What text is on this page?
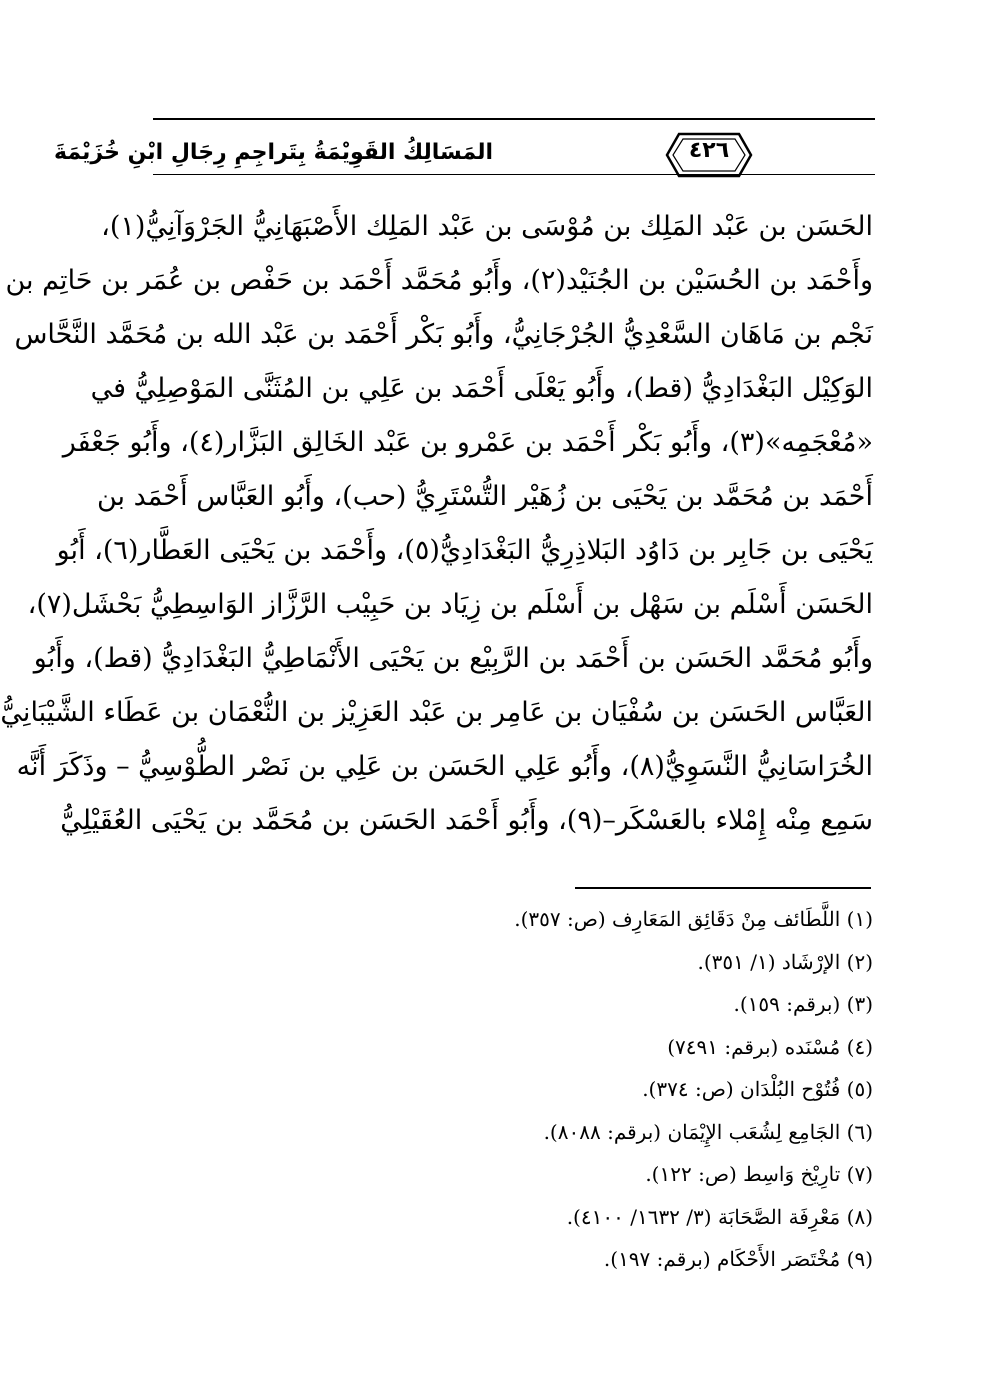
٤٢٦
المَسَالِكُ القَوِيْمَةُ بِتَراجِمِ رِجَالِ ابْنِ خُزَيْمَةَ
الحَسَن بن عَبْد المَلِك بن مُوْسَى بن عَبْد المَلِك الأَصْبَهَانِيُّ الجَرْوَآنِيُّ(١)،
وأَحْمَد بن الحُسَيْن بن الجُنَيْد(٢)، وأَبُو مُحَمَّد أَحْمَد بن حَفْص بن عُمَر بن حَاتِم بن
نَجْم بن مَاهَان السَّعْدِيُّ الجُرْجَانِيُّ، وأَبُو بَكْر أَحْمَد بن عَبْد الله بن مُحَمَّد النَّحَّاس
الوَكِيْل البَغْدَادِيُّ (قط)، وأَبُو يَعْلَى أَحْمَد بن عَلِي بن المُثَنَّى المَوْصِلِيُّ في
«مُعْجَمِه»(٣)، وأَبُو بَكْر أَحْمَد بن عَمْرو بن عَبْد الخَالِق البَزَّار(٤)، وأَبُو جَعْفَر
أَحْمَد بن مُحَمَّد بن يَحْيَى بن زُهَيْر التُّسْتَرِيُّ (حب)، وأَبُو العَبَّاس أَحْمَد بن
يَحْيَى بن جَابِر بن دَاوُد البَلاذِرِيُّ البَغْدَادِيُّ(٥)، وأَحْمَد بن يَحْيَى العَطَّار(٦)، أَبُو
الحَسَن أَسْلَم بن سَهْل بن أَسْلَم بن زِيَاد بن حَبِيْب الرَّزَّاز الوَاسِطِيُّ بَحْشَل(٧)،
وأَبُو مُحَمَّد الحَسَن بن أَحْمَد بن الرَّبِيْع بن يَحْيَى الأَنْمَاطِيُّ البَغْدَادِيُّ (قط)، وأَبُو
العَبَّاس الحَسَن بن سُفْيَان بن عَامِر بن عَبْد العَزِيْز بن النُّعْمَان بن عَطَاء الشَّيْبَانِيُّ
الخُرَاسَانِيُّ النَّسَوِيُّ(٨)، وأَبُو عَلِي الحَسَن بن عَلِي بن نَصْر الطُّوْسِيُّ – وذَكَرَ أَنَّه
سَمِع مِنْه إِمْلاء بالعَسْكَر–(٩)، وأَبُو أَحْمَد الحَسَن بن مُحَمَّد بن يَحْيَى العُقَيْلِيُّ
(١) اللَّطَائف مِنْ دَقَائِق المَعَارِف (ص: ٣٥٧).
(٢) الإرْشَاد (١/ ٣٥١).
(٣) (برقم: ١٥٩).
(٤) مُسْنَده (برقم: ٧٤٩١)
(٥) فُتُوْح البُلْدَان (ص: ٣٧٤).
(٦) الجَامِع لِشُعَب الإِيْمَان (برقم: ٨٠٨٨).
(٧) تارِيْخ وَاسِط (ص: ١٢٢).
(٨) مَعْرِفَة الصَّحَابَة (٣/ ١٦٣٢/ ٤١٠٠).
(٩) مُخْتَصَر الأَحْكَام (برقم: ١٩٧).
